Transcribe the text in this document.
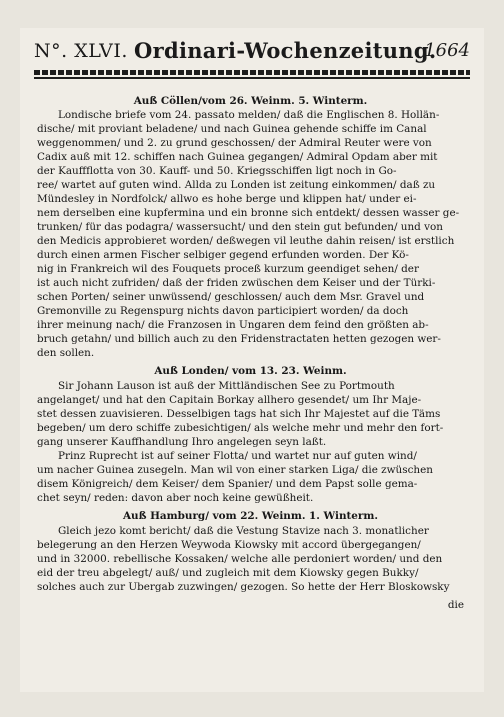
N°. XLVI. Ordinari-Wochenzeitung.
1664
Auß Cöllen/vom 26. Weinm. 5. Winterm.
Londische briefe vom 24. passato melden/ daß die Englischen 8. Hollän-
dische/ mit proviant beladene/ und nach Guinea gehende schiffe im Canal
weggenommen/ und 2. zu grund geschossen/ der Admiral Reuter were von
Cadix auß mit 12. schiffen nach Guinea gegangen/ Admiral Opdam aber mit
der Kauffflotta von 30. Kauff- und 50. Kriegsschiffen ligt noch in Go-
ree/ wartet auf guten wind. Allda zu Londen ist zeitung einkommen/ daß zu
Mündesley in Nordfolck/ allwo es hohe berge und klippen hat/ under ei-
nem derselben eine kupfermina und ein bronne sich entdekt/ dessen wasser ge-
trunken/ für das podagra/ wassersucht/ und den stein gut befunden/ und von
den Medicis approbieret worden/ deßwegen vil leuthe dahin reisen/ ist erstlich
durch einen armen Fischer selbiger gegend erfunden worden. Der Kö-
nig in Frankreich wil des Fouquets proceß kurzum geendiget sehen/ der
ist auch nicht zufriden/ daß der friden zwüschen dem Keiser und der Türki-
schen Porten/ seiner unwüssend/ geschlossen/ auch dem Msr. Gravel und
Gremonville zu Regenspurg nichts davon participiert worden/ da doch
ihrer meinung nach/ die Franzosen in Ungaren dem feind den größten ab-
bruch getahn/ und billich auch zu den Fridenstractaten hetten gezogen wer-
den sollen.
Auß Londen/ vom 13. 23. Weinm.
Sir Johann Lauson ist auß der Mittländischen See zu Portmouth
angelanget/ und hat den Capitain Borkay allhero gesendet/ um Ihr Maje-
stet dessen zuavisieren. Desselbigen tags hat sich Ihr Majestet auf die Täms
begeben/ um dero schiffe zubesichtigen/ als welche mehr und mehr den fort-
gang unserer Kauffhandlung Ihro angelegen seyn laßt.
Prinz Ruprecht ist auf seiner Flotta/ und wartet nur auf guten wind/
um nacher Guinea zusegeln. Man wil von einer starken Liga/ die zwüschen
disem Königreich/ dem Keiser/ dem Spanier/ und dem Papst solle gema-
chet seyn/ reden: davon aber noch keine gewüßheit.
Auß Hamburg/ vom 22. Weinm. 1. Winterm.
Gleich jezo komt bericht/ daß die Vestung Stavize nach 3. monatlicher
belegerung an den Herzen Weywoda Kiowsky mit accord übergegangen/
und in 32000. rebellische Kossaken/ welche alle perdoniert worden/ und den
eid der treu abgelegt/ auß/ und zugleich mit dem Kiowsky gegen Bukky/
solches auch zur Ubergab zuzwingen/ gezogen. So hette der Herr Bloskowsky
die
